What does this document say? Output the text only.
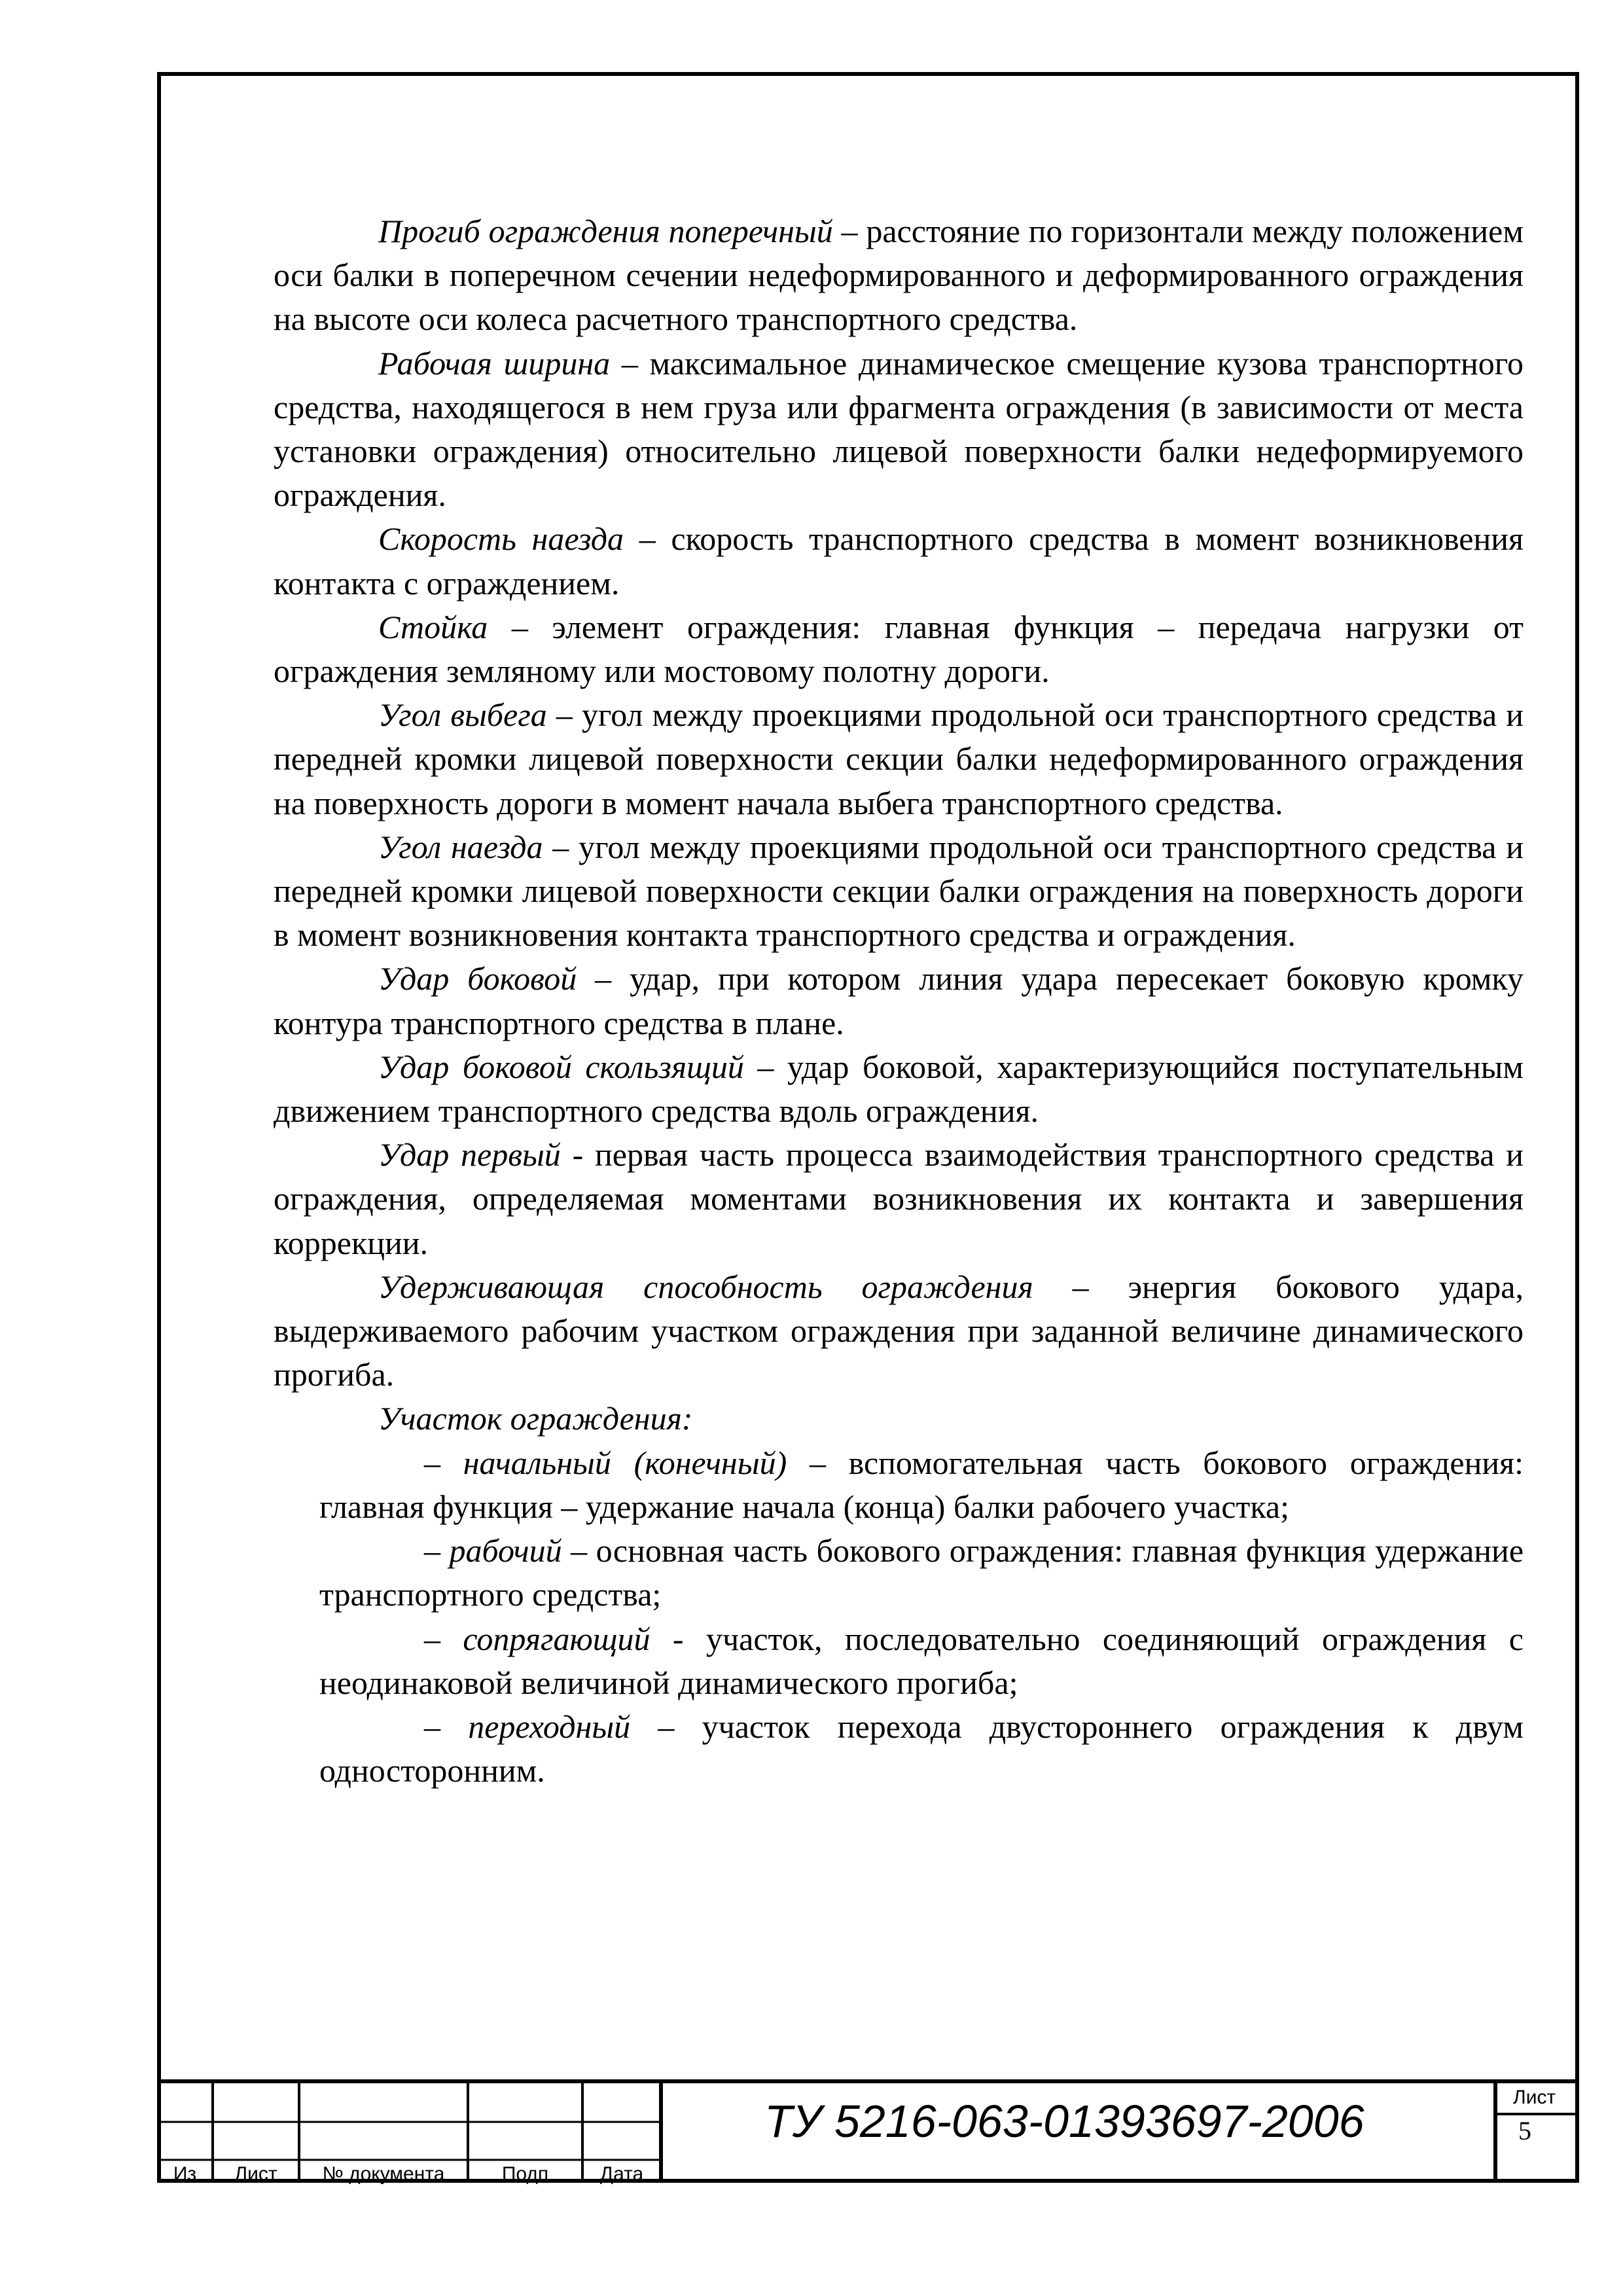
Прогиб ограждения поперечный – расстояние по горизонтали между положением оси балки в поперечном сечении недеформированного и деформированного ограждения на высоте оси колеса расчетного транспортного средства.

Рабочая ширина – максимальное динамическое смещение кузова транспортного средства, находящегося в нем груза или фрагмента ограждения (в зависимости от места установки ограждения) относительно лицевой поверхности балки недеформируемого ограждения.

Скорость наезда – скорость транспортного средства в момент возникновения контакта с ограждением.

Стойка – элемент ограждения: главная функция – передача нагрузки от ограждения земляному или мостовому полотну дороги.

Угол выбега – угол между проекциями продольной оси транспортного средства и передней кромки лицевой поверхности секции балки недеформированного ограждения на поверхность дороги в момент начала выбега транспортного средства.

Угол наезда – угол между проекциями продольной оси транспортного средства и передней кромки лицевой поверхности секции балки ограждения на поверхность дороги в момент возникновения контакта транспортного средства и ограждения.

Удар боковой – удар, при котором линия удара пересекает боковую кромку контура транспортного средства в плане.

Удар боковой скользящий – удар боковой, характеризующийся поступательным движением транспортного средства вдоль ограждения.

Удар первый - первая часть процесса взаимодействия транспортного средства и ограждения, определяемая моментами возникновения их контакта и завершения коррекции.

Удерживающая способность ограждения – энергия бокового удара, выдерживаемого рабочим участком ограждения при заданной величине динамического прогиба.

Участок ограждения:

– начальный (конечный) – вспомогательная часть бокового ограждения: главная функция – удержание начала (конца) балки рабочего участка;

– рабочий – основная часть бокового ограждения: главная функция удержание транспортного средства;

– сопрягающий - участок, последовательно соединяющий ограждения с неодинаковой величиной динамического прогиба;

– переходный – участок перехода двустороннего ограждения к двум односторонним.

Из	Лист	№ документа	Подп	Дата
ТУ 5216-063-01393697-2006	Лист
5
